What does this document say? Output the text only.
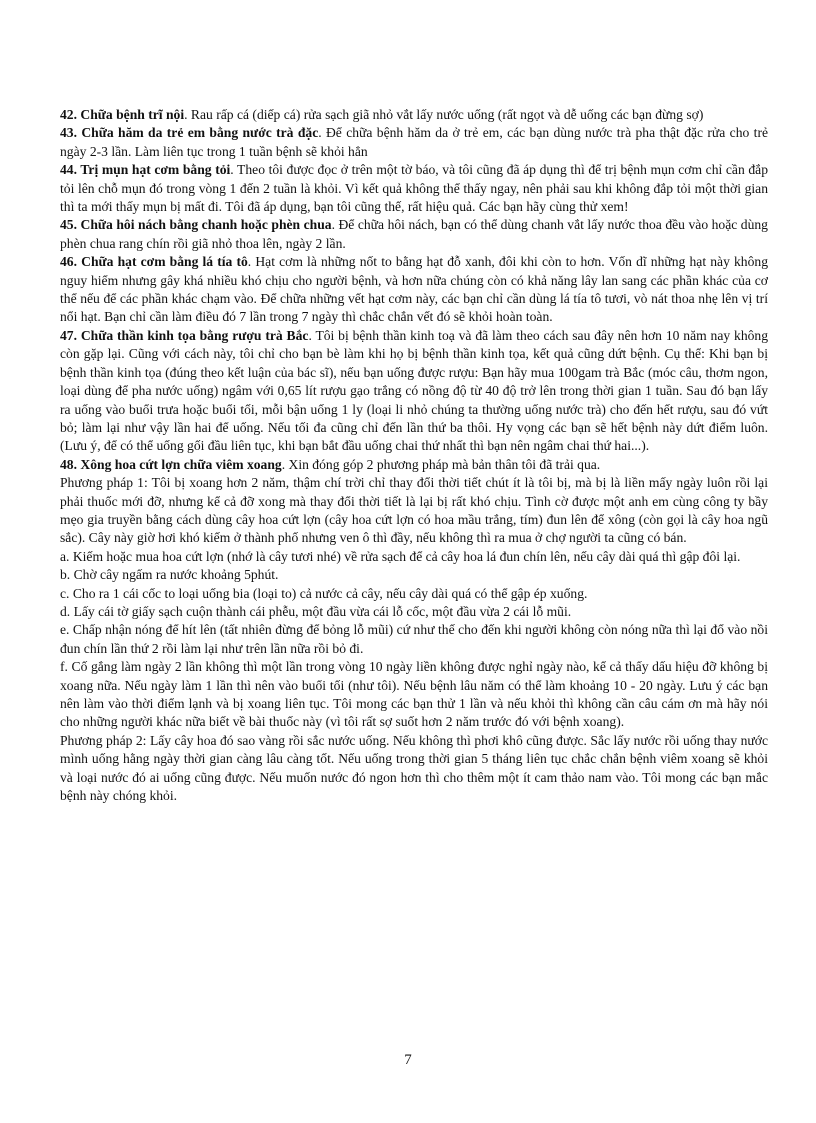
42. Chữa bệnh trĩ nội. Rau rấp cá (diếp cá) rửa sạch giã nhỏ vắt lấy nước uống (rất ngọt và dễ uống các bạn đừng sợ)

43. Chữa hăm da trẻ em bằng nước trà đặc. Để chữa bệnh hăm da ở trẻ em, các bạn dùng nước trà pha thật đặc rửa cho trẻ ngày 2-3 lần. Làm liên tục trong 1 tuần bệnh sẽ khỏi hẳn

44. Trị mụn hạt cơm bằng tỏi. Theo tôi được đọc ở trên một tờ báo, và tôi cũng đã áp dụng thì để trị bệnh mụn cơm chỉ cần đắp tỏi lên chỗ mụn đó trong vòng 1 đến 2 tuần là khỏi. Vì kết quả không thể thấy ngay, nên phải sau khi không đắp tỏi một thời gian thì ta mới thấy mụn bị mất đi. Tôi đã áp dụng, bạn tôi cũng thế, rất hiệu quả. Các bạn hãy cùng thử xem!

45. Chữa hôi nách bằng chanh hoặc phèn chua. Để chữa hôi nách, bạn có thể dùng chanh vắt lấy nước thoa đều vào hoặc dùng phèn chua rang chín rồi giã nhỏ thoa lên, ngày 2 lần.

46. Chữa hạt cơm bằng lá tía tô. Hạt cơm là những nốt to bằng hạt đỗ xanh, đôi khi còn to hơn. Vốn dĩ những hạt này không nguy hiểm nhưng gây khá nhiều khó chịu cho người bệnh, và hơn nữa chúng còn có khả năng lây lan sang các phần khác của cơ thể nếu để các phần khác chạm vào. Để chữa những vết hạt cơm này, các bạn chỉ cần dùng lá tía tô tươi, vò nát thoa nhẹ lên vị trí nổi hạt. Bạn chỉ cần làm điều đó 7 lần trong 7 ngày thì chắc chắn vết đó sẽ khỏi hoàn toàn.

47. Chữa thần kinh tọa bằng rượu trà Bắc. Tôi bị bệnh thần kinh toạ và đã làm theo cách sau đây nên hơn 10 năm nay không còn gặp lại. Cũng với cách này, tôi chỉ cho bạn bè làm khi họ bị bệnh thần kinh tọa, kết quả cũng dứt bệnh. Cụ thể: Khi bạn bị bệnh thần kinh tọa (đúng theo kết luận của bác sĩ), nếu bạn uống được rượu: Bạn hãy mua 100gam trà Bắc (móc câu, thơm ngon, loại dùng để pha nước uống) ngâm với 0,65 lít rượu gạo trắng có nồng độ từ 40 độ trở lên trong thời gian 1 tuần. Sau đó bạn lấy ra uống vào buổi trưa hoặc buổi tối, mỗi bận uống 1 ly (loại li nhỏ chúng ta thường uống nước trà) cho đến hết rượu, sau đó vứt bỏ; làm lại như vậy lần hai để uống. Nếu tối đa cũng chỉ đến lần thứ ba thôi. Hy vọng các bạn sẽ hết bệnh này dứt điểm luôn. (Lưu ý, để có thể uống gối đầu liên tục, khi bạn bắt đầu uống chai thứ nhất thì bạn nên ngâm chai thứ hai...).

48. Xông hoa cứt lợn chữa viêm xoang. Xin đóng góp 2 phương pháp mà bản thân tôi đã trải qua.

Phương pháp 1: Tôi bị xoang hơn 2 năm, thậm chí trời chỉ thay đổi thời tiết chút ít là tôi bị, mà bị là liền mấy ngày luôn rồi lại phải thuốc mới đỡ, nhưng kể cả đỡ xong mà thay đổi thời tiết là lại bị rất khó chịu. Tình cờ được một anh em cùng công ty bầy mẹo gia truyền bằng cách dùng cây hoa cứt lợn (cây hoa cứt lợn có hoa mầu trắng, tím) đun lên để xông (còn gọi là cây hoa ngũ sắc). Cây này giờ hơi khó kiếm ở thành phố nhưng ven ô thì đầy, nếu không thì ra mua ở chợ người ta cũng có bán.

a. Kiếm hoặc mua hoa cứt lợn (nhớ là cây tươi nhé) về rửa sạch để cả cây hoa lá đun chín lên, nếu cây dài quá thì gập đôi lại.

b. Chờ cây ngấm ra nước khoảng 5phút.

c. Cho ra 1 cái cốc to loại uống bia (loại to) cả nước cả cây, nếu cây dài quá có thể gập ép xuống.

d. Lấy cái tờ giấy sạch cuộn thành cái phễu, một đầu vừa cái lỗ cốc, một đầu vừa 2 cái lỗ mũi.

e. Chấp nhận nóng để hít lên (tất nhiên đừng để bỏng lỗ mũi) cứ như thế cho đến khi người không còn nóng nữa thì lại đổ vào nồi đun chín lần thứ 2 rồi làm lại như trên lần nữa rồi bỏ đi.

f. Cố gắng làm ngày 2 lần không thì một lần trong vòng 10 ngày liền không được nghỉ ngày nào, kể cả thấy dấu hiệu đỡ không bị xoang nữa. Nếu ngày làm 1 lần thì nên vào buổi tối (như tôi). Nếu bệnh lâu năm có thể làm khoảng 10 - 20 ngày. Lưu ý các bạn nên làm vào thời điểm lạnh và bị xoang liên tục. Tôi mong các bạn thử 1 lần và nếu khỏi thì không cần câu cám ơn mà hãy nói cho những người khác nữa biết về bài thuốc này (vì tôi rất sợ suốt hơn 2 năm trước đó với bệnh xoang).

Phương pháp 2: Lấy cây hoa đó sao vàng rồi sắc nước uống. Nếu không thì phơi khô cũng được. Sắc lấy nước rồi uống thay nước mình uống hằng ngày thời gian càng lâu càng tốt. Nếu uống trong thời gian 5 tháng liên tục chắc chắn bệnh viêm xoang sẽ khỏi và loại nước đó ai uống cũng được. Nếu muốn nước đó ngon hơn thì cho thêm một ít cam thảo nam vào. Tôi mong các bạn mắc bệnh này chóng khỏi.

7
